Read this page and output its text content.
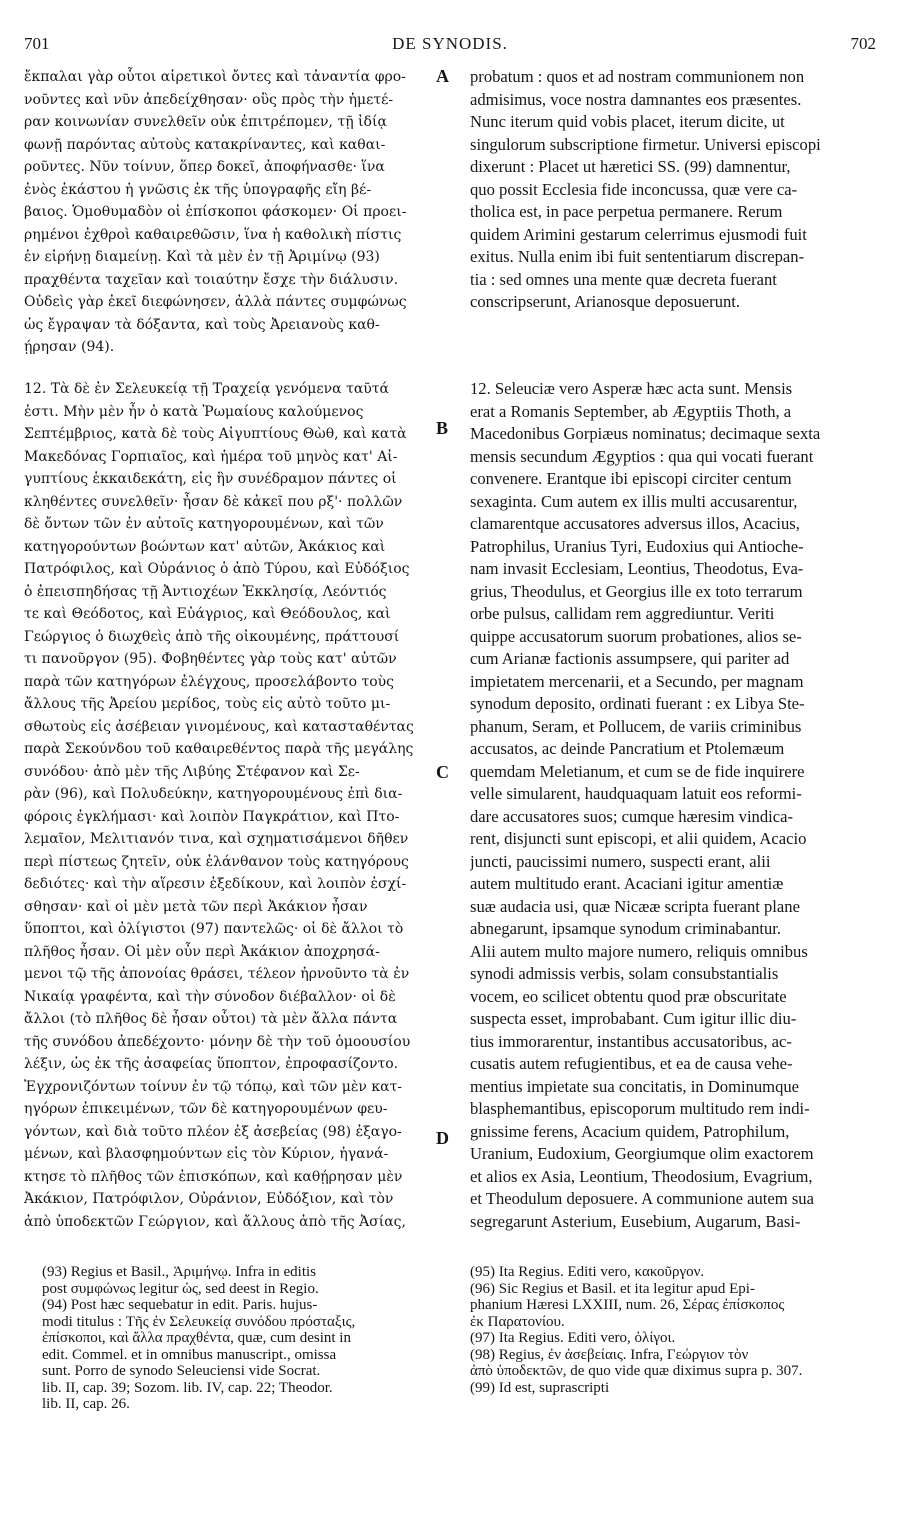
701	DE SYNODIS.	702
A
B
C
D
ἔκπαλαι γὰρ οὗτοι αἱρετικοὶ ὄντες καὶ τἀναντία φρο-
νοῦντες καὶ νῦν ἀπεδείχθησαν· οὓς πρὸς τὴν ἡμετέ-
ραν κοινωνίαν συνελθεῖν οὐκ ἐπιτρέπομεν, τῇ ἰδίᾳ
φωνῇ παρόντας αὐτοὺς κατακρίναντες, καὶ καθαι-
ροῦντες. Νῦν τοίνυν, ὅπερ δοκεῖ, ἀποφήνασθε· ἵνα
ἐνὸς ἑκάστου ἡ γνῶσις ἐκ τῆς ὑπογραφῆς εἴη βέ-
βαιος. Ὁμοθυμαδὸν οἱ ἐπίσκοποι φάσκομεν· Οἱ προει-
ρημένοι ἐχθροὶ καθαιρεθῶσιν, ἵνα ἡ καθολικὴ πίστις
ἐν εἰρήνῃ διαμείνῃ. Καὶ τὰ μὲν ἐν τῇ Ἀριμίνῳ (93)
πραχθέντα ταχεῖαν καὶ τοιαύτην ἔσχε τὴν διάλυσιν.
Οὐδεὶς γὰρ ἐκεῖ διεφώνησεν, ἀλλὰ πάντες συμφώνως
ὡς ἔγραψαν τὰ δόξαντα, καὶ τοὺς Ἀρειανοὺς καθ-
ῄρησαν (94).
probatum : quos et ad nostram communionem non
admisimus, voce nostra damnantes eos præsentes.
Nunc iterum quid vobis placet, iterum dicite, ut
singulorum subscriptione firmetur. Universi episcopi
dixerunt : Placet ut hæretici SS. (99) damnentur,
quo possit Ecclesia fide inconcussa, quæ vere ca-
tholica est, in pace perpetua permanere. Rerum
quidem Arimini gestarum celerrimus ejusmodi fuit
exitus. Nulla enim ibi fuit sententiarum discrepan-
tia : sed omnes una mente quæ decreta fuerant
conscripserunt, Arianosque deposuerunt.
12. Τὰ δὲ ἐν Σελευκείᾳ τῇ Τραχείᾳ γενόμενα ταῦτά
ἐστι. Μὴν μὲν ἦν ὁ κατὰ Ῥωμαίους καλούμενος
Σεπτέμβριος, κατὰ δὲ τοὺς Αἰγυπτίους Θὼθ, καὶ κατὰ
Μακεδόνας Γορπιαῖος, καὶ ἡμέρα τοῦ μηνὸς κατ' Αἰ-
γυπτίους ἑκκαιδεκάτη, εἰς ἣν συνέδραμον πάντες οἱ
κληθέντες συνελθεῖν· ἦσαν δὲ κἀκεῖ που ρξ'· πολλῶν
δὲ ὄντων τῶν ἐν αὐτοῖς κατηγορουμένων, καὶ τῶν
κατηγορούντων βοώντων κατ' αὐτῶν, Ἀκάκιος καὶ
Πατρόφιλος, καὶ Οὐράνιος ὁ ἀπὸ Τύρου, καὶ Εὐδόξιος
ὁ ἐπεισπηδήσας τῇ Ἀντιοχέων Ἐκκλησίᾳ, Λεόντιός
τε καὶ Θεόδοτος, καὶ Εὐάγριος, καὶ Θεόδουλος, καὶ
Γεώργιος ὁ διωχθεὶς ἀπὸ τῆς οἰκουμένης, πράττουσί
τι πανοῦργον (95). Φοβηθέντες γὰρ τοὺς κατ' αὐτῶν
παρὰ τῶν κατηγόρων ἐλέγχους, προσελάβοντο τοὺς
ἄλλους τῆς Ἀρείου μερίδος, τοὺς εἰς αὐτὸ τοῦτο μι-
σθωτοὺς εἰς ἀσέβειαν γινομένους, καὶ κατασταθέντας
παρὰ Σεκούνδου τοῦ καθαιρεθέντος παρὰ τῆς μεγάλης
συνόδου· ἀπὸ μὲν τῆς Λιβύης Στέφανον καὶ Σε-
ρὰν (96), καὶ Πολυδεύκην, κατηγορουμένους ἐπὶ δια-
φόροις ἐγκλήμασι· καὶ λοιπὸν Παγκράτιον, καὶ Πτο-
λεμαῖον, Μελιτιανόν τινα, καὶ σχηματισάμενοι δῆθεν
περὶ πίστεως ζητεῖν, οὐκ ἐλάνθανον τοὺς κατηγόρους
δεδιότες· καὶ τὴν αἵρεσιν ἐξεδίκουν, καὶ λοιπὸν ἐσχί-
σθησαν· καὶ οἱ μὲν μετὰ τῶν περὶ Ἀκάκιον ἦσαν
ὕποπτοι, καὶ ὀλίγιστοι (97) παντελῶς· οἱ δὲ ἄλλοι τὸ
πλῆθος ἦσαν. Οἱ μὲν οὖν περὶ Ἀκάκιον ἀποχρησά-
μενοι τῷ τῆς ἀπονοίας θράσει, τέλεον ἠρνοῦντο τὰ ἐν
Νικαίᾳ γραφέντα, καὶ τὴν σύνοδον διέβαλλον· οἱ δὲ
ἄλλοι (τὸ πλῆθος δὲ ἦσαν οὗτοι) τὰ μὲν ἄλλα πάντα
τῆς συνόδου ἀπεδέχοντο· μόνην δὲ τὴν τοῦ ὁμοουσίου
λέξιν, ὡς ἐκ τῆς ἀσαφείας ὕποπτον, ἐπροφασίζοντο.
Ἐγχρονιζόντων τοίνυν ἐν τῷ τόπῳ, καὶ τῶν μὲν κατ-
ηγόρων ἐπικειμένων, τῶν δὲ κατηγορουμένων φευ-
γόντων, καὶ διὰ τοῦτο πλέον ἐξ ἀσεβείας (98) ἐξαγο-
μένων, καὶ βλασφημούντων εἰς τὸν Κύριον, ἠγανά-
κτησε τὸ πλῆθος τῶν ἐπισκόπων, καὶ καθῄρησαν μὲν
Ἀκάκιον, Πατρόφιλον, Οὐράνιον, Εὐδόξιον, καὶ τὸν
ἀπὸ ὑποδεκτῶν Γεώργιον, καὶ ἄλλους ἀπὸ τῆς Ἀσίας,
12. Seleuciæ vero Asperæ hæc acta sunt. Mensis
erat a Romanis September, ab Ægyptiis Thoth, a
Macedonibus Gorpiæus nominatus; decimaque sexta
mensis secundum Ægyptios : qua qui vocati fuerant
convenere. Erantque ibi episcopi circiter centum
sexaginta. Cum autem ex illis multi accusarentur,
clamarentque accusatores adversus illos, Acacius,
Patrophilus, Uranius Tyri, Eudoxius qui Antioche-
nam invasit Ecclesiam, Leontius, Theodotus, Eva-
grius, Theodulus, et Georgius ille ex toto terrarum
orbe pulsus, callidam rem aggrediuntur. Veriti
quippe accusatorum suorum probationes, alios se-
cum Arianæ factionis assumpsere, qui pariter ad
impietatem mercenarii, et a Secundo, per magnam
synodum deposito, ordinati fuerant : ex Libya Ste-
phanum, Seram, et Pollucem, de variis criminibus
accusatos, ac deinde Pancratium et Ptolemæum
quemdam Meletianum, et cum se de fide inquirere
velle simularent, haudquaquam latuit eos reformi-
dare accusatores suos; cumque hæresim vindica-
rent, disjuncti sunt episcopi, et alii quidem, Acacio
juncti, paucissimi numero, suspecti erant, alii
autem multitudo erant. Acaciani igitur amentiæ
suæ audacia usi, quæ Nicææ scripta fuerant plane
abnegarunt, ipsamque synodum criminabantur.
Alii autem multo majore numero, reliquis omnibus
synodi admissis verbis, solam consubstantialis
vocem, eo scilicet obtentu quod præ obscuritate
suspecta esset, improbabant. Cum igitur illic diu-
tius immorarentur, instantibus accusatoribus, ac-
cusatis autem refugientibus, et ea de causa vehe-
mentius impietate sua concitatis, in Dominumque
blasphemantibus, episcoporum multitudo rem indi-
gnissime ferens, Acacium quidem, Patrophilum,
Uranium, Eudoxium, Georgiumque olim exactorem
et alios ex Asia, Leontium, Theodosium, Evagrium,
et Theodulum deposuere. A communione autem sua
segregarunt Asterium, Eusebium, Augarum, Basi-
(93) Regius et Basil., Ἀριμήνῳ. Infra in editis
post συμφώνως legitur ὡς, sed deest in Regio.
(94) Post hæc sequebatur in edit. Paris. hujus-
modi titulus : Τῆς ἐν Σελευκείᾳ συνόδου πρόσταξις,
ἐπίσκοποι, καὶ ἄλλα πραχθέντα, quæ, cum desint in
edit. Commel. et in omnibus manuscript., omissa
sunt. Porro de synodo Seleuciensi vide Socrat.
lib. II, cap. 39; Sozom. lib. IV, cap. 22; Theodor.
lib. II, cap. 26.
(95) Ita Regius. Editi vero, κακοῦργον.
(96) Sic Regius et Basil. et ita legitur apud Epi-
phanium Hæresi LXXIII, num. 26, Σέρας ἐπίσκοπος
ἐκ Παρατονίου.
(97) Ita Regius. Editi vero, ὀλίγοι.
(98) Regius, ἐν ἀσεβείαις. Infra, Γεώργιον τὸν
ἀπὸ ὑποδεκτῶν, de quo vide quæ diximus supra p. 307.
(99) Id est, suprascripti
